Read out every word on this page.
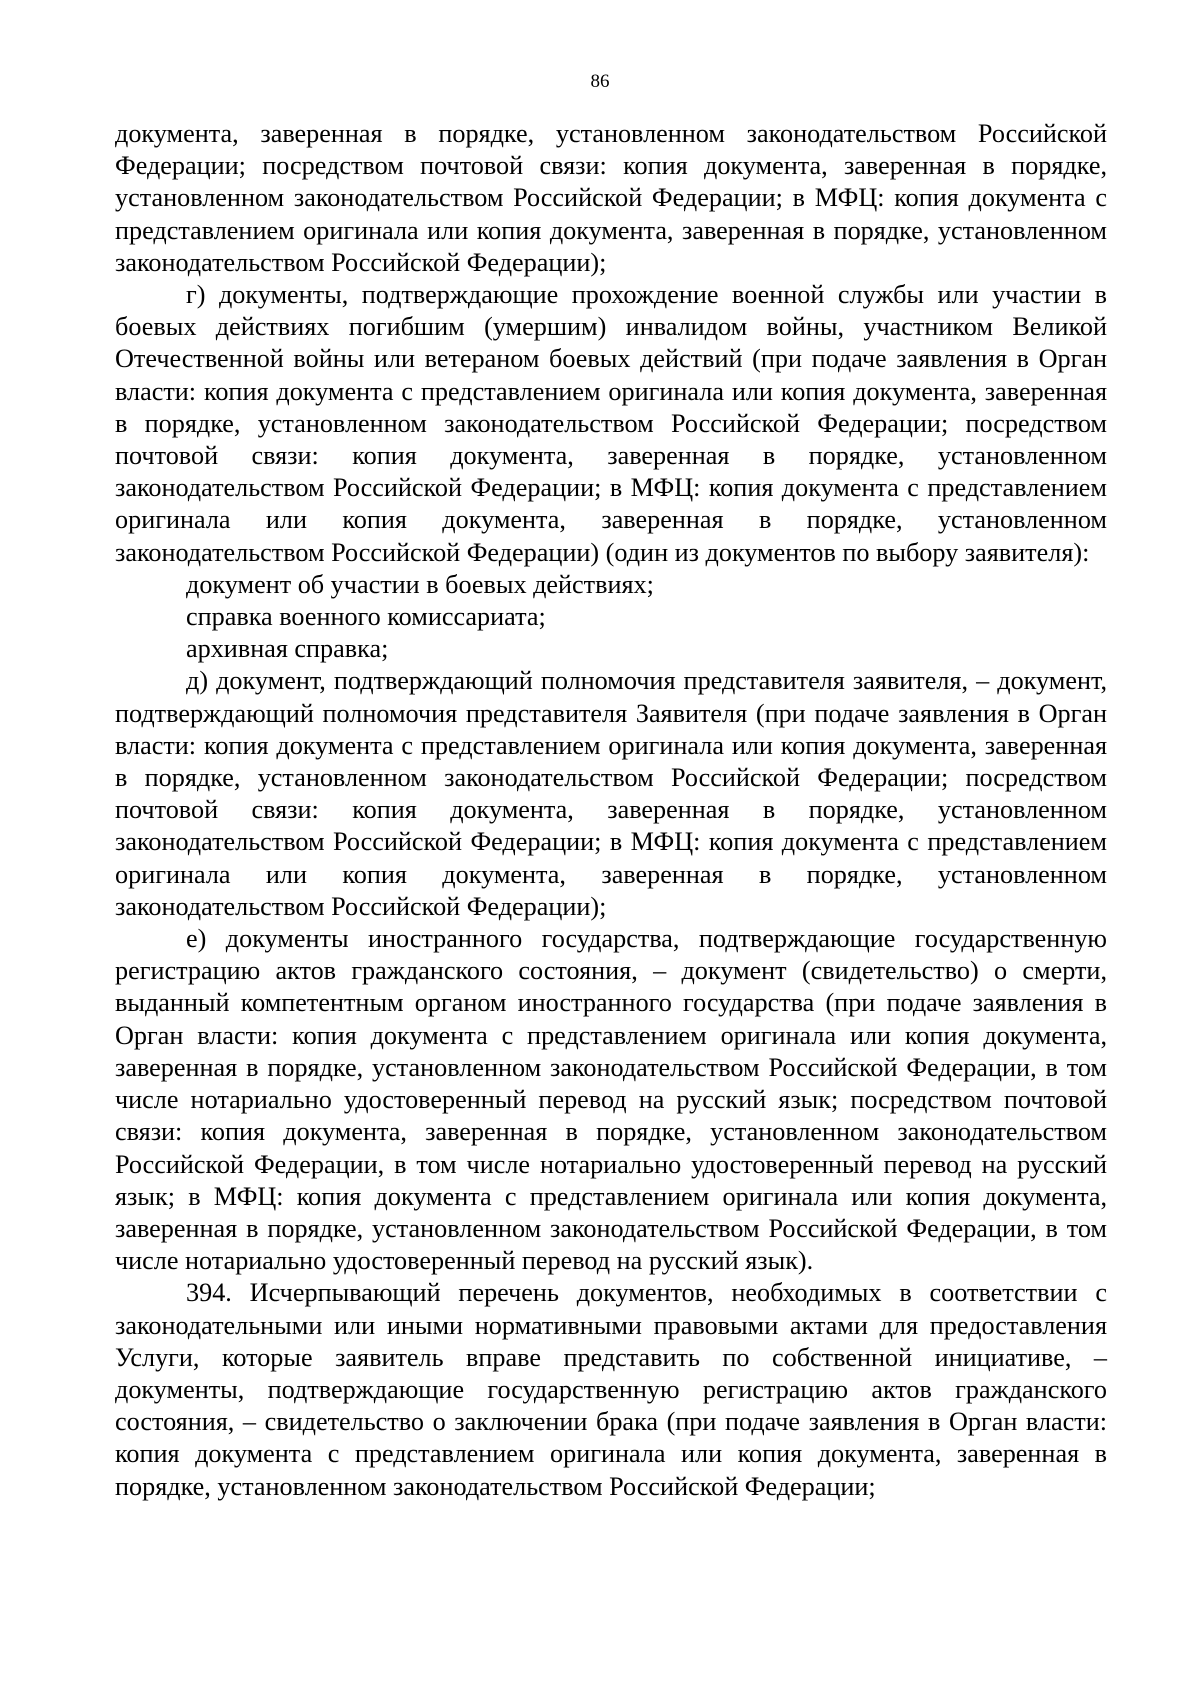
86

документа, заверенная в порядке, установленном законодательством Российской Федерации; посредством почтовой связи: копия документа, заверенная в порядке, установленном законодательством Российской Федерации; в МФЦ: копия документа с представлением оригинала или копия документа, заверенная в порядке, установленном законодательством Российской Федерации);

г) документы, подтверждающие прохождение военной службы или участии в боевых действиях погибшим (умершим) инвалидом войны, участником Великой Отечественной войны или ветераном боевых действий (при подаче заявления в Орган власти: копия документа с представлением оригинала или копия документа, заверенная в порядке, установленном законодательством Российской Федерации; посредством почтовой связи: копия документа, заверенная в порядке, установленном законодательством Российской Федерации; в МФЦ: копия документа с представлением оригинала или копия документа, заверенная в порядке, установленном законодательством Российской Федерации) (один из документов по выбору заявителя):

документ об участии в боевых действиях;

справка военного комиссариата;

архивная справка;

д) документ, подтверждающий полномочия представителя заявителя, – документ, подтверждающий полномочия представителя Заявителя (при подаче заявления в Орган власти: копия документа с представлением оригинала или копия документа, заверенная в порядке, установленном законодательством Российской Федерации; посредством почтовой связи: копия документа, заверенная в порядке, установленном законодательством Российской Федерации; в МФЦ: копия документа с представлением оригинала или копия документа, заверенная в порядке, установленном законодательством Российской Федерации);

е) документы иностранного государства, подтверждающие государственную регистрацию актов гражданского состояния, – документ (свидетельство) о смерти, выданный компетентным органом иностранного государства (при подаче заявления в Орган власти: копия документа с представлением оригинала или копия документа, заверенная в порядке, установленном законодательством Российской Федерации, в том числе нотариально удостоверенный перевод на русский язык; посредством почтовой связи: копия документа, заверенная в порядке, установленном законодательством Российской Федерации, в том числе нотариально удостоверенный перевод на русский язык; в МФЦ: копия документа с представлением оригинала или копия документа, заверенная в порядке, установленном законодательством Российской Федерации, в том числе нотариально удостоверенный перевод на русский язык).

394. Исчерпывающий перечень документов, необходимых в соответствии с законодательными или иными нормативными правовыми актами для предоставления Услуги, которые заявитель вправе представить по собственной инициативе, – документы, подтверждающие государственную регистрацию актов гражданского состояния, – свидетельство о заключении брака (при подаче заявления в Орган власти: копия документа с представлением оригинала или копия документа, заверенная в порядке, установленном законодательством Российской Федерации;
